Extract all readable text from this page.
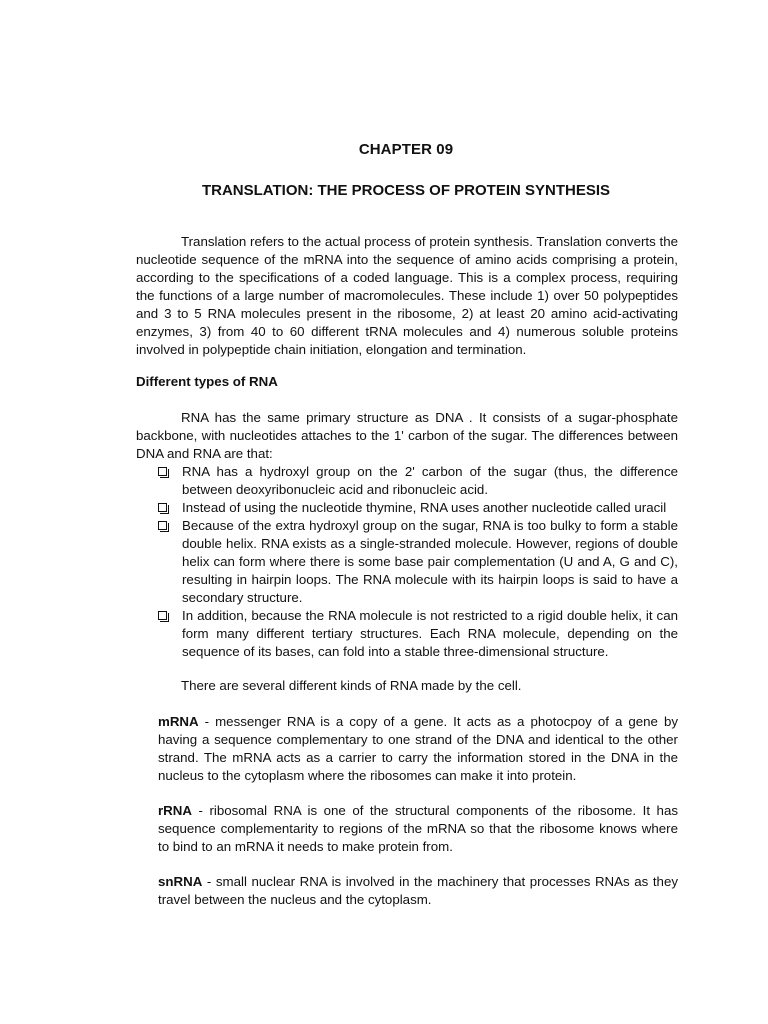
CHAPTER 09
TRANSLATION: THE PROCESS OF PROTEIN SYNTHESIS

Translation refers to the actual process of protein synthesis. Translation converts the nucleotide sequence of the mRNA into the sequence of amino acids comprising a protein, according to the specifications of a coded language. This is a complex process, requiring the functions of a large number of macromolecules. These include 1) over 50 polypeptides and 3 to 5 RNA molecules present in the ribosome, 2) at least 20 amino acid-activating enzymes, 3) from 40 to 60 different tRNA molecules and 4) numerous soluble proteins involved in polypeptide chain initiation, elongation and termination.

Different types of RNA

RNA has the same primary structure as DNA . It consists of a sugar-phosphate backbone, with nucleotides attaches to the 1' carbon of the sugar. The differences between DNA and RNA are that:

RNA has a hydroxyl group on the 2' carbon of the sugar (thus, the difference between deoxyribonucleic acid and ribonucleic acid.
Instead of using the nucleotide thymine, RNA uses another nucleotide called uracil
Because of the extra hydroxyl group on the sugar, RNA is too bulky to form a stable double helix. RNA exists as a single-stranded molecule. However, regions of double helix can form where there is some base pair complementation (U and A, G and C), resulting in hairpin loops. The RNA molecule with its hairpin loops is said to have a secondary structure.
In addition, because the RNA molecule is not restricted to a rigid double helix, it can form many different tertiary structures. Each RNA molecule, depending on the sequence of its bases, can fold into a stable three-dimensional structure.
There are several different kinds of RNA made by the cell.
mRNA - messenger RNA is a copy of a gene. It acts as a photocpoy of a gene by having a sequence complementary to one strand of the DNA and identical to the other strand. The mRNA acts as a carrier to carry the information stored in the DNA in the nucleus to the cytoplasm where the ribosomes can make it into protein.
rRNA - ribosomal RNA is one of the structural components of the ribosome. It has sequence complementarity to regions of the mRNA so that the ribosome knows where to bind to an mRNA it needs to make protein from.
snRNA - small nuclear RNA is involved in the machinery that processes RNAs as they travel between the nucleus and the cytoplasm.
